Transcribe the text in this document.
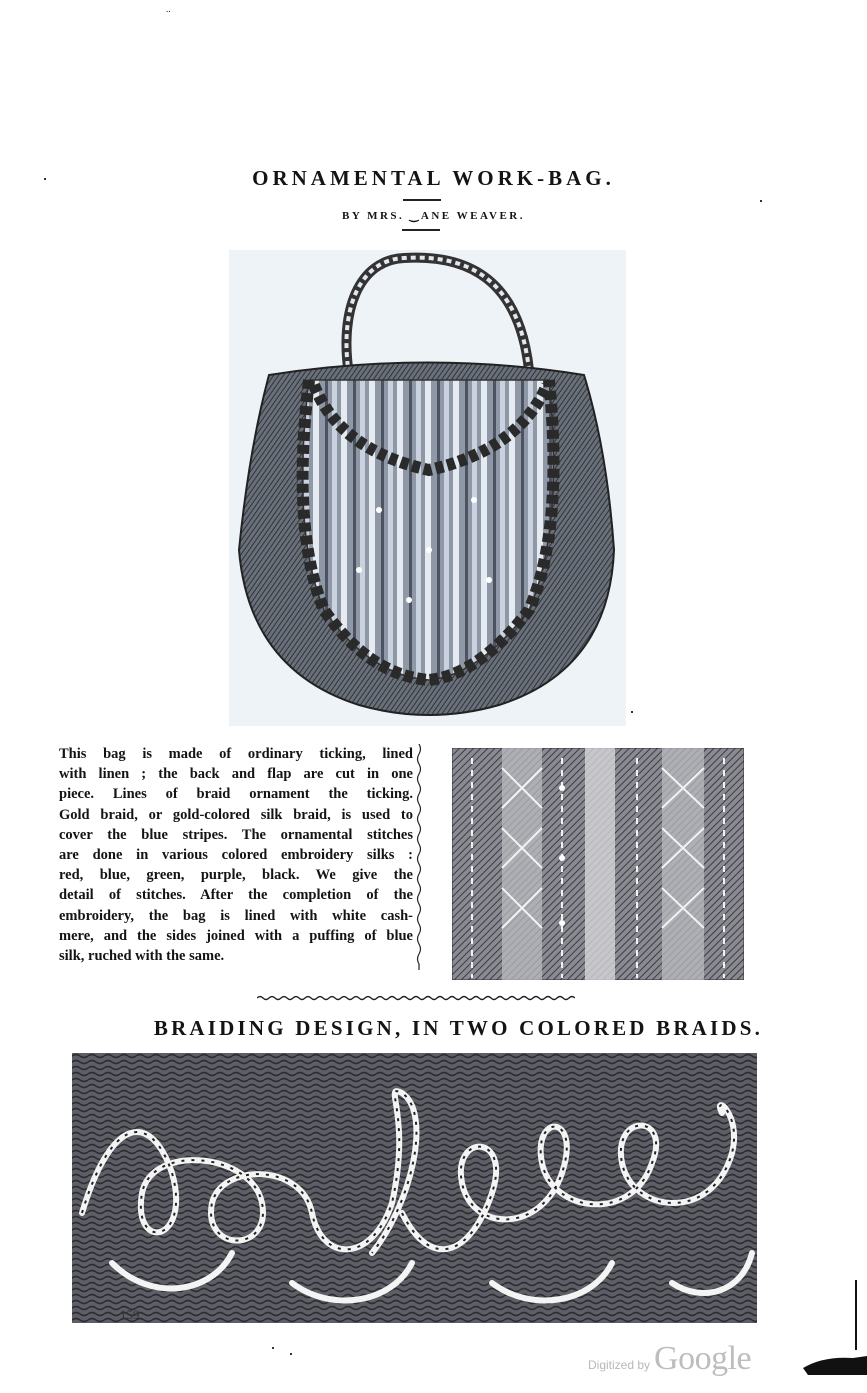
..
ORNAMENTAL WORK-BAG.
BY MRS. ‿ANE WEAVER.
This bag is made of ordinary ticking, lined
with linen ; the back and flap are cut in one
piece. Lines of braid ornament the ticking.
Gold braid, or gold-colored silk braid, is used to
cover the blue stripes. The ornamental stitches
are done in various colored embroidery silks :
red, blue, green, purple, black. We give the
detail of stitches. After the completion of the
embroidery, the bag is lined with white cash-
mere, and the sides joined with a puffing of blue
silk, ruched with the same.
BRAIDING DESIGN, IN TWO COLORED BRAIDS.
159
Digitized by Google
